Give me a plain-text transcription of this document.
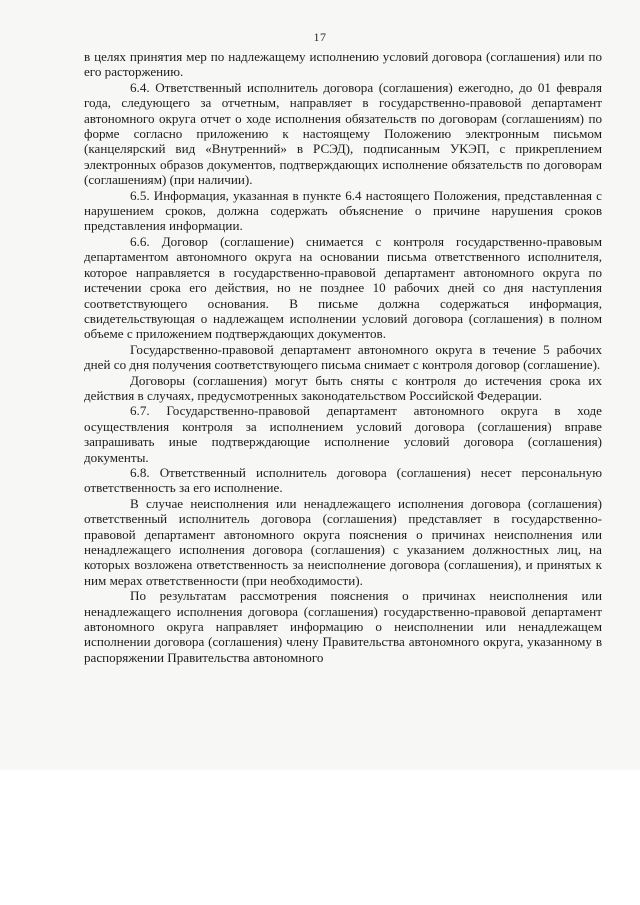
17

в целях принятия мер по надлежащему исполнению условий договора (соглашения) или по его расторжению.

6.4. Ответственный исполнитель договора (соглашения) ежегодно, до 01 февраля года, следующего за отчетным, направляет в государственно-правовой департамент автономного округа отчет о ходе исполнения обязательств по договорам (соглашениям) по форме согласно приложению к настоящему Положению электронным письмом (канцелярский вид «Внутренний» в РСЭД), подписанным УКЭП, с прикреплением электронных образов документов, подтверждающих исполнение обязательств по договорам (соглашениям) (при наличии).

6.5. Информация, указанная в пункте 6.4 настоящего Положения, представленная с нарушением сроков, должна содержать объяснение о причине нарушения сроков представления информации.

6.6. Договор (соглашение) снимается с контроля государственно-правовым департаментом автономного округа на основании письма ответственного исполнителя, которое направляется в государственно-правовой департамент автономного округа по истечении срока его действия, но не позднее 10 рабочих дней со дня наступления соответствующего основания. В письме должна содержаться информация, свидетельствующая о надлежащем исполнении условий договора (соглашения) в полном объеме с приложением подтверждающих документов.

Государственно-правовой департамент автономного округа в течение 5 рабочих дней со дня получения соответствующего письма снимает с контроля договор (соглашение).

Договоры (соглашения) могут быть сняты с контроля до истечения срока их действия в случаях, предусмотренных законодательством Российской Федерации.

6.7. Государственно-правовой департамент автономного округа в ходе осуществления контроля за исполнением условий договора (соглашения) вправе запрашивать иные подтверждающие исполнение условий договора (соглашения) документы.

6.8. Ответственный исполнитель договора (соглашения) несет персональную ответственность за его исполнение.

В случае неисполнения или ненадлежащего исполнения договора (соглашения) ответственный исполнитель договора (соглашения) представляет в государственно-правовой департамент автономного округа пояснения о причинах неисполнения или ненадлежащего исполнения договора (соглашения) с указанием должностных лиц, на которых возложена ответственность за неисполнение договора (соглашения), и принятых к ним мерах ответственности (при необходимости).

По результатам рассмотрения пояснения о причинах неисполнения или ненадлежащего исполнения договора (соглашения) государственно-правовой департамент автономного округа направляет информацию о неисполнении или ненадлежащем исполнении договора (соглашения) члену Правительства автономного округа, указанному в распоряжении Правительства автономного
